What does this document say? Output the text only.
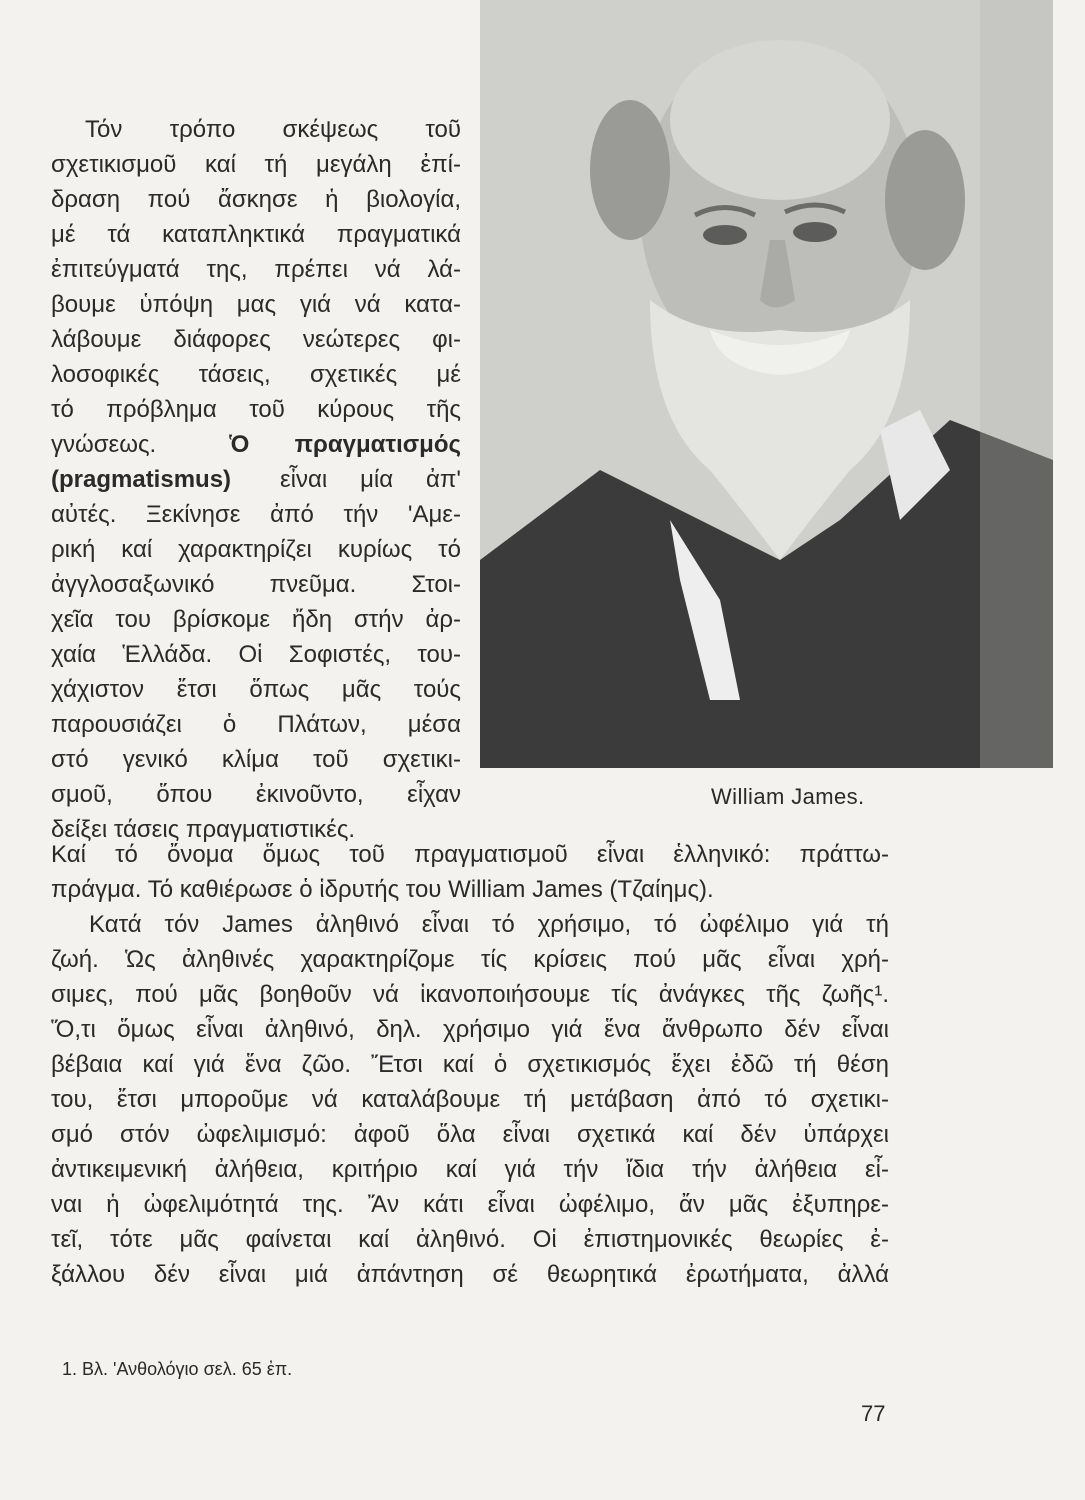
William James.
Τόν τρόπο σκέψεως τοῦ
σχετικισμοῦ καί τή μεγάλη ἐπί-
δραση πού ἄσκησε ἡ βιολογία,
μέ τά καταπληκτικά πραγματικά
ἐπιτεύγματά της, πρέπει νά λά-
βουμε ὑπόψη μας γιά νά κατα-
λάβουμε διάφορες νεώτερες φι-
λοσοφικές τάσεις, σχετικές μέ
τό πρόβλημα τοῦ κύρους τῆς
γνώσεως.	Ὁ πραγματισμός
(pragmatismus) εἶναι μία ἀπ'
αὐτές. Ξεκίνησε ἀπό τήν 'Αμε-
ρική καί χαρακτηρίζει κυρίως τό
ἀγγλοσαξωνικό πνεῦμα. Στοι-
χεῖα του βρίσκομε ἤδη στήν ἀρ-
χαία Ἑλλάδα. Οἱ Σοφιστές, του-
χάχιστον ἔτσι ὅπως μᾶς τούς
παρουσιάζει ὁ Πλάτων, μέσα
στό γενικό κλίμα τοῦ σχετικι-
σμοῦ, ὅπου ἐκινοῦντο, εἶχαν
δείξει τάσεις πραγματιστικές.
Καί τό ὄνομα ὅμως τοῦ πραγματισμοῦ εἶναι ἑλληνικό: πράττω-
πράγμα. Τό καθιέρωσε ὁ ἱδρυτής του William James (Τζαίημς).
Κατά τόν James ἀληθινό εἶναι τό χρήσιμο, τό ὠφέλιμο γιά τή
ζωή. Ὡς ἀληθινές χαρακτηρίζομε τίς κρίσεις πού μᾶς εἶναι χρή-
σιμες, πού μᾶς βοηθοῦν νά ἱκανοποιήσουμε τίς ἀνάγκες τῆς ζωῆς¹.
Ὅ,τι ὅμως εἶναι ἀληθινό, δηλ. χρήσιμο γιά ἕνα ἄνθρωπο δέν εἶναι
βέβαια καί γιά ἕνα ζῶο. Ἔτσι καί ὁ σχετικισμός ἔχει ἐδῶ τή θέση
του, ἔτσι μποροῦμε νά καταλάβουμε τή μετάβαση ἀπό τό σχετικι-
σμό στόν ὠφελιμισμό: ἀφοῦ ὅλα εἶναι σχετικά καί δέν ὑπάρχει
ἀντικειμενική ἀλήθεια, κριτήριο καί γιά τήν ἴδια τήν ἀλήθεια εἶ-
ναι ἡ ὠφελιμότητά της. Ἄν κάτι εἶναι ὠφέλιμο, ἄν μᾶς ἐξυπηρε-
τεῖ, τότε μᾶς φαίνεται καί ἀληθινό. Οἱ ἐπιστημονικές θεωρίες ἐ-
ξάλλου δέν εἶναι μιά ἀπάντηση σέ θεωρητικά ἐρωτήματα, ἀλλά
1. Βλ. 'Ανθολόγιο σελ. 65 ἐπ.
77
